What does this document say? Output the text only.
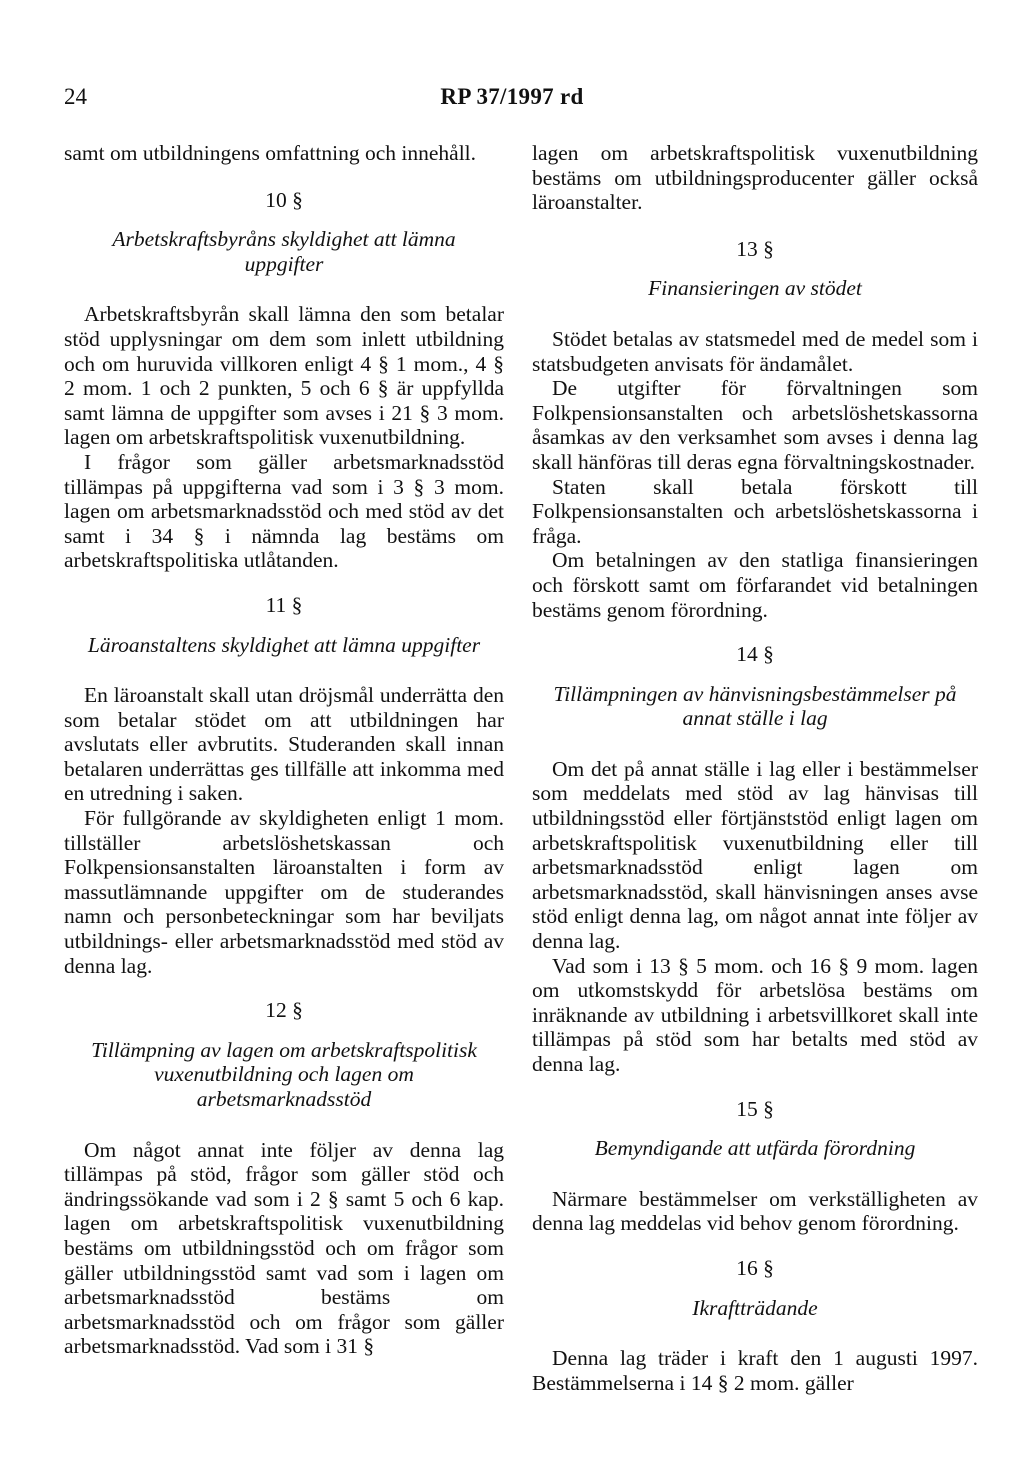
24	RP 37/1997 rd

samt om utbildningens omfattning och innehåll.

10 §
Arbetskraftsbyråns skyldighet att lämna uppgifter

Arbetskraftsbyrån skall lämna den som betalar stöd upplysningar om dem som inlett utbildning och om huruvida villkoren enligt 4 § 1 mom., 4 § 2 mom. 1 och 2 punkten, 5 och 6 § är uppfyllda samt lämna de uppgifter som avses i 21 § 3 mom. lagen om arbetskraftspolitisk vuxenutbildning.

I frågor som gäller arbetsmarknadsstöd tillämpas på uppgifterna vad som i 3 § 3 mom. lagen om arbetsmarknadsstöd och med stöd av det samt i 34 § i nämnda lag bestäms om arbetskraftspolitiska utlåtanden.

11 §
Läroanstaltens skyldighet att lämna uppgifter

En läroanstalt skall utan dröjsmål underrätta den som betalar stödet om att utbildningen har avslutats eller avbrutits. Studeranden skall innan betalaren underrättas ges tillfälle att inkomma med en utredning i saken.

För fullgörande av skyldigheten enligt 1 mom. tillställer arbetslöshetskassan och Folkpensionsanstalten läroanstalten i form av massutlämnande uppgifter om de studerandes namn och personbeteckningar som har beviljats utbildnings- eller arbetsmarknadsstöd med stöd av denna lag.

12 §
Tillämpning av lagen om arbetskraftspolitisk vuxenutbildning och lagen om arbetsmarknadsstöd

Om något annat inte följer av denna lag tillämpas på stöd, frågor som gäller stöd och ändringssökande vad som i 2 § samt 5 och 6 kap. lagen om arbetskraftspolitisk vuxenutbildning bestäms om utbildningsstöd och om frågor som gäller utbildningsstöd samt vad som i lagen om arbetsmarknadsstöd bestäms om arbetsmarknadsstöd och om frågor som gäller arbetsmarknadsstöd. Vad som i 31 §

lagen om arbetskraftspolitisk vuxenutbildning bestäms om utbildningsproducenter gäller också läroanstalter.

13 §
Finansieringen av stödet

Stödet betalas av statsmedel med de medel som i statsbudgeten anvisats för ändamålet.

De utgifter för förvaltningen som Folkpensionsanstalten och arbetslöshetskassorna åsamkas av den verksamhet som avses i denna lag skall hänföras till deras egna förvaltningskostnader.

Staten skall betala förskott till Folkpensionsanstalten och arbetslöshetskassorna i fråga.

Om betalningen av den statliga finansieringen och förskott samt om förfarandet vid betalningen bestäms genom förordning.

14 §
Tillämpningen av hänvisningsbestämmelser på annat ställe i lag

Om det på annat ställe i lag eller i bestämmelser som meddelats med stöd av lag hänvisas till utbildningsstöd eller förtjänststöd enligt lagen om arbetskraftspolitisk vuxenutbildning eller till arbetsmarknadsstöd enligt lagen om arbetsmarknadsstöd, skall hänvisningen anses avse stöd enligt denna lag, om något annat inte följer av denna lag.

Vad som i 13 § 5 mom. och 16 § 9 mom. lagen om utkomstskydd för arbetslösa bestäms om inräknande av utbildning i arbetsvillkoret skall inte tillämpas på stöd som har betalts med stöd av denna lag.

15 §
Bemyndigande att utfärda förordning

Närmare bestämmelser om verkställigheten av denna lag meddelas vid behov genom förordning.

16 §
Ikraftträdande

Denna lag träder i kraft den 1 augusti 1997. Bestämmelserna i 14 § 2 mom. gäller
